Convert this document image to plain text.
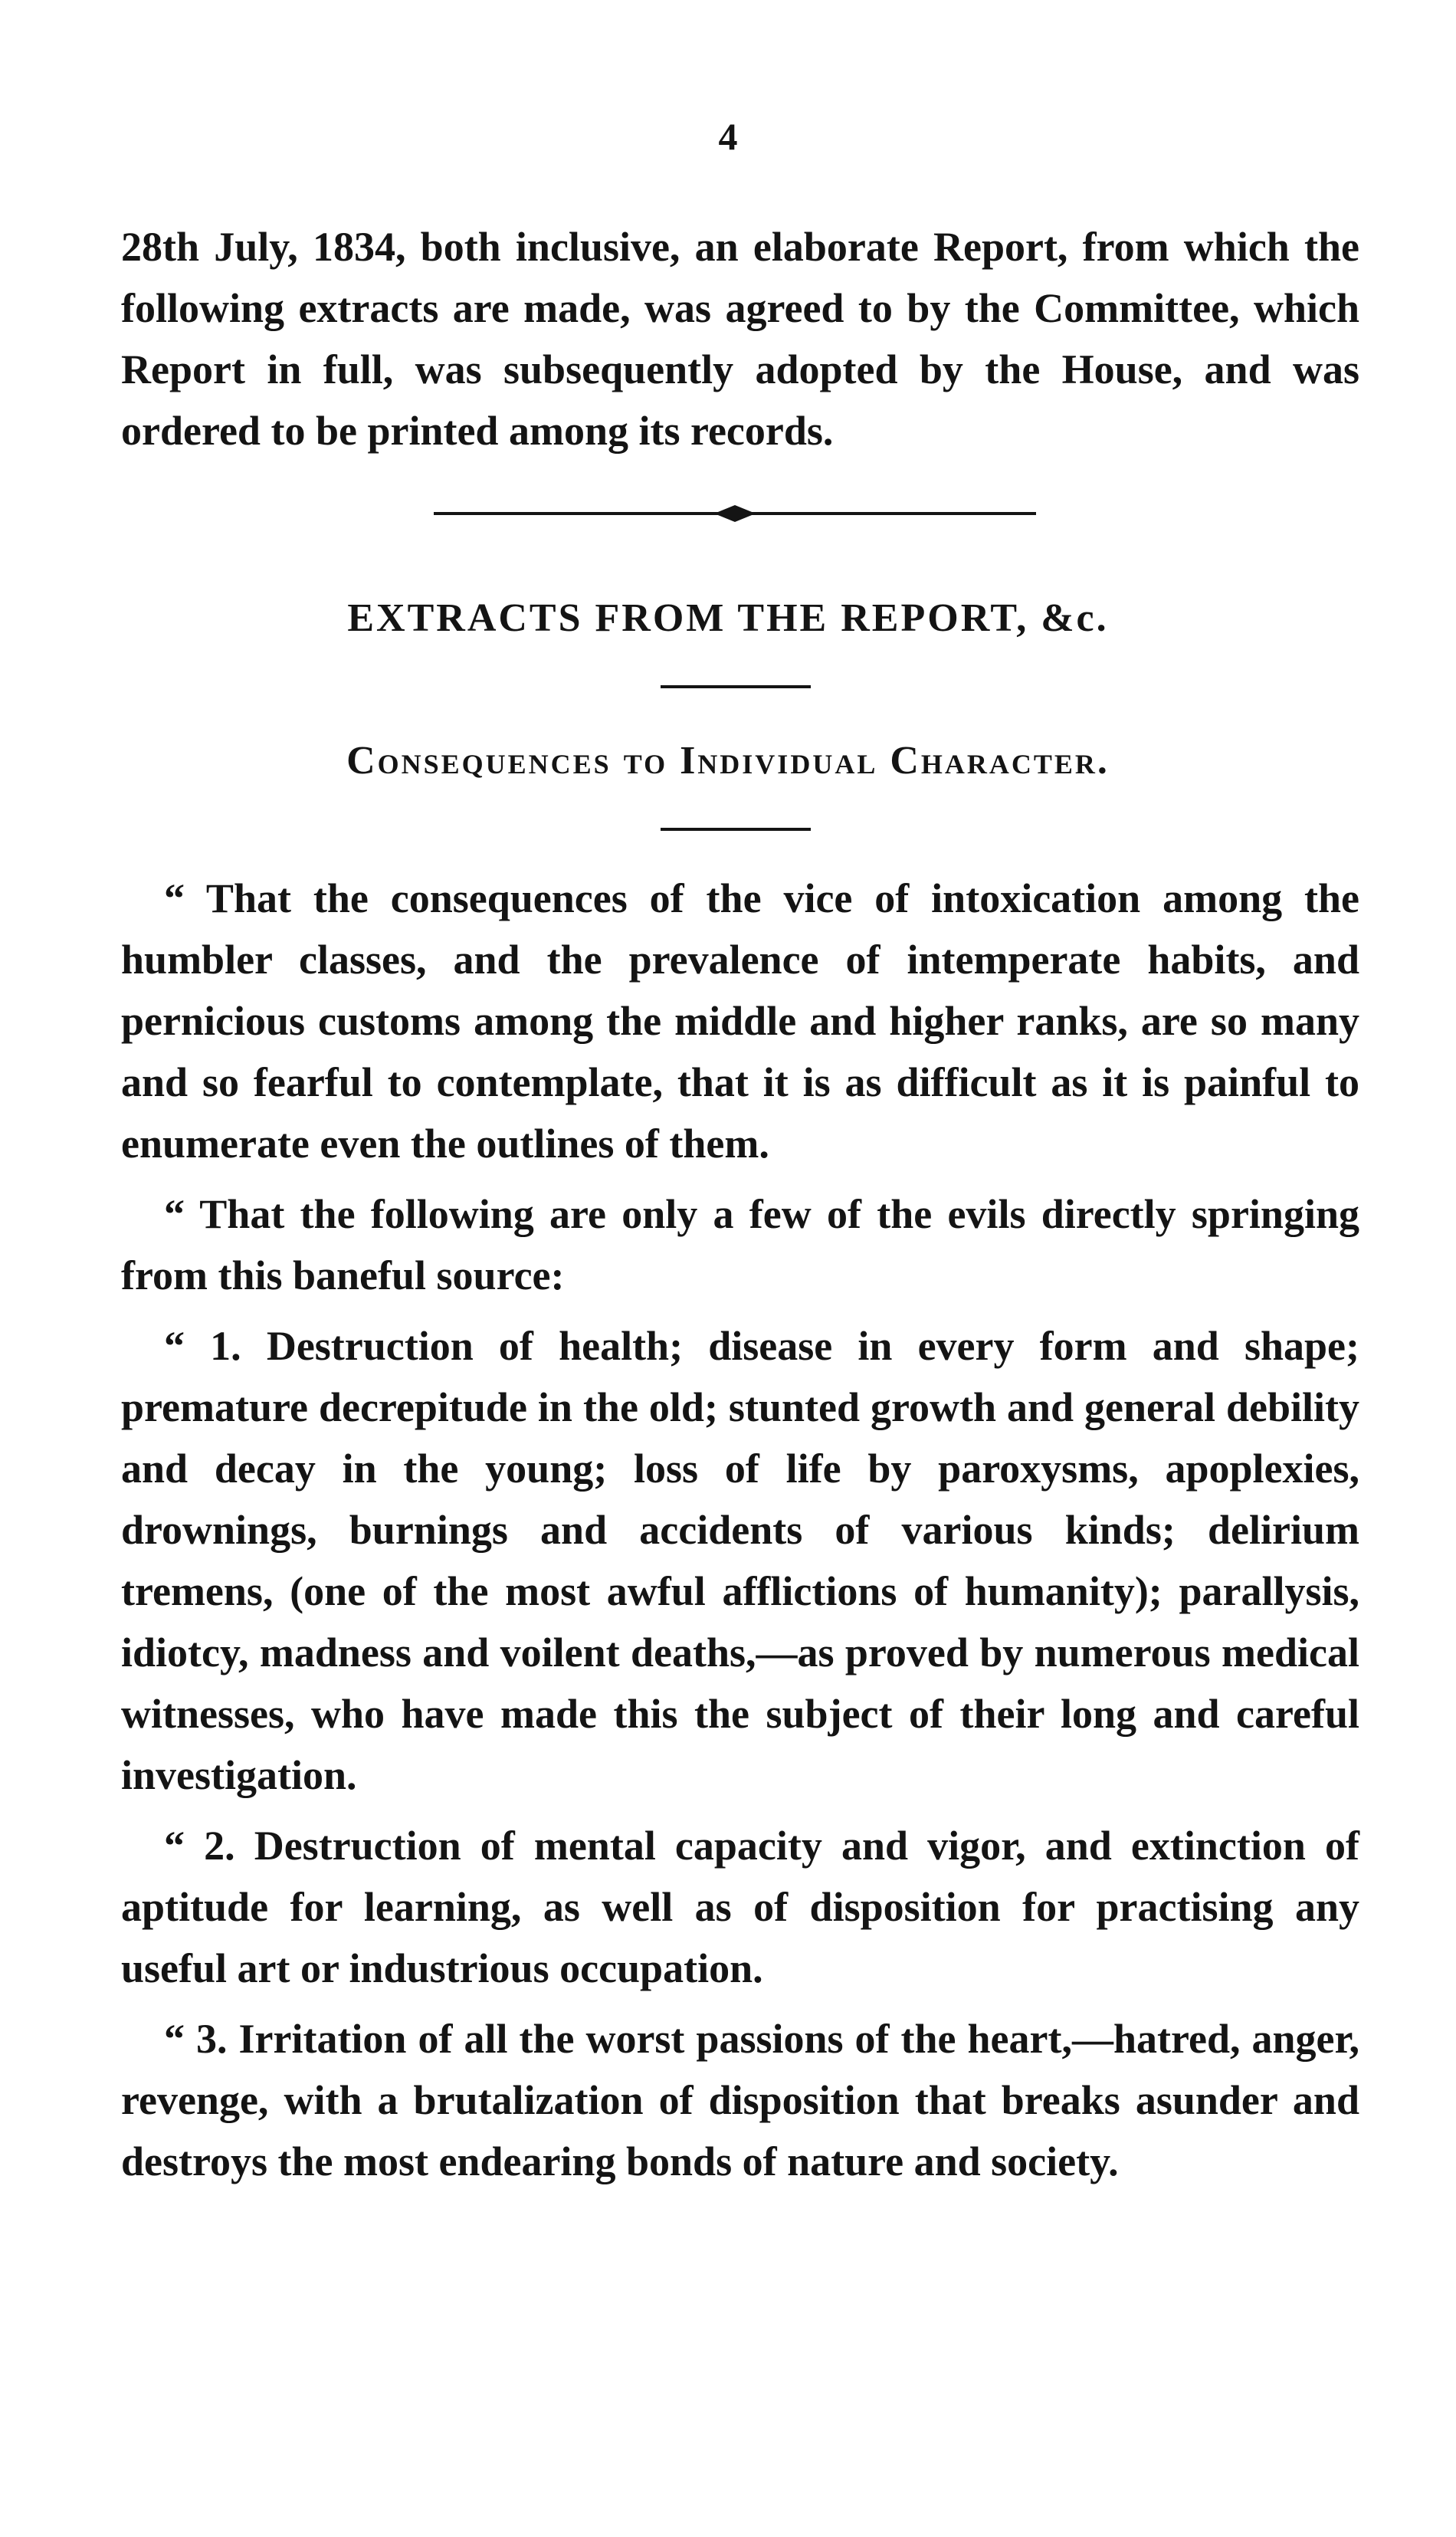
4

28th July, 1834, both inclusive, an elaborate Report, from which the following extracts are made, was agreed to by the Committee, which Report in full, was subsequently adopted by the House, and was ordered to be printed among its records.

EXTRACTS FROM THE REPORT, &c.
Consequences to Individual Character.

“ That the consequences of the vice of intoxication among the humbler classes, and the prevalence of intemperate habits, and pernicious customs among the middle and higher ranks, are so many and so fearful to contemplate, that it is as difficult as it is painful to enumerate even the outlines of them.

“ That the following are only a few of the evils directly springing from this baneful source:

“ 1. Destruction of health; disease in every form and shape; premature decrepitude in the old; stunted growth and general debility and decay in the young; loss of life by paroxysms, apoplexies, drownings, burnings and accidents of various kinds; delirium tremens, (one of the most awful afflictions of humanity); parallysis, idiotcy, madness and voilent deaths,—as proved by numerous medical witnesses, who have made this the subject of their long and careful investigation.

“ 2. Destruction of mental capacity and vigor, and extinction of aptitude for learning, as well as of disposition for practising any useful art or industrious occupation.

“ 3. Irritation of all the worst passions of the heart,—hatred, anger, revenge, with a brutalization of disposition that breaks asunder and destroys the most endearing bonds of nature and society.
